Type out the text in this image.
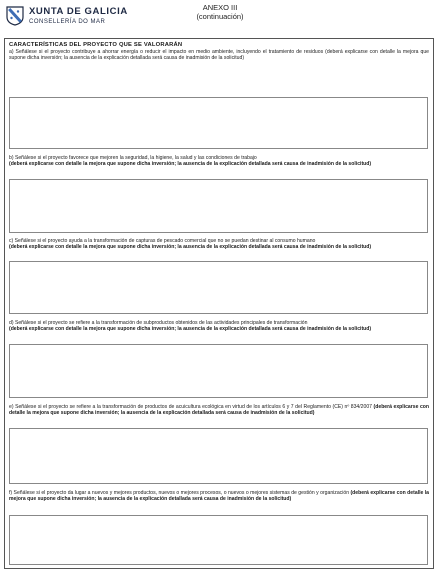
XUNTA DE GALICIA
CONSELLERÍA DO MAR
ANEXO III
(continuación)
CARACTERÍSTICAS DEL PROYECTO QUE SE VALORARÁN
a) Señálese si el proyecto contribuye a ahorrar energía o reducir el impacto en medio ambiente, incluyendo el tratamiento de residuos (deberá explicarse con detalle la mejora que supone dicha inversión; la ausencia de la explicación detallada será causa de inadmisión de la solicitud)
b) Señálese si el proyecto favorece que mejoren la seguridad, la higiene, la salud y las condiciones de trabajo
(deberá explicarse con detalle la mejora que supone dicha inversión; la ausencia de la explicación detallada será causa de inadmisión de la solicitud)
c) Señálese si el proyecto ayuda a la transformación de capturas de pescado comercial que no se puedan destinar al consumo humano
(deberá explicarse con detalle la mejora que supone dicha inversión; la ausencia de la explicación detallada será causa de inadmisión de la solicitud)
d) Señálese si el proyecto se refiere a la transformación de subproductos obtenidos de las actividades principales de transformación
(deberá explicarse con detalle la mejora que supone dicha inversión; la ausencia de la explicación detallada será causa de inadmisión de la solicitud)
e) Señálese si el proyecto se refiere a la transformación de productos de acuicultura ecológica en virtud de los artículos 6 y 7 del Reglamento (CE) nº 834/2007 (deberá explicarse con detalle la mejora que supone dicha inversión; la ausencia de la explicación detallada será causa de inadmisión de la solicitud)
f) Señálese si el proyecto da lugar a nuevos y mejores productos, nuevos o mejores procesos, o nuevos o mejores sistemas de gestión y organización (deberá explicarse con detalle la mejora que supone dicha inversión; la ausencia de la explicación detallada será causa de inadmisión de la solicitud)
